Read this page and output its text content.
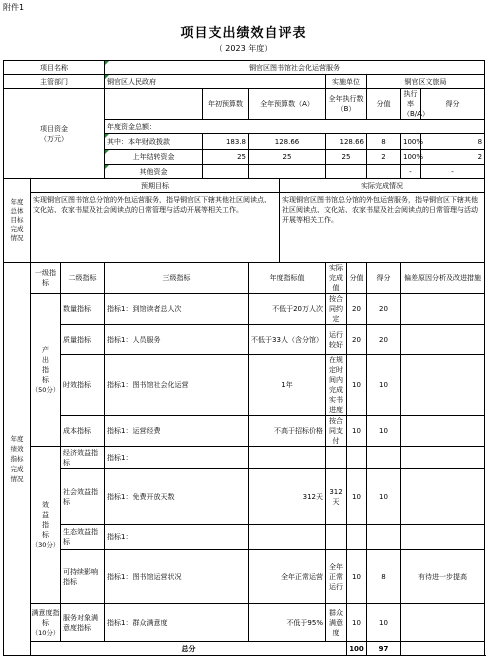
附件1
项目支出绩效自评表
（ 2023 年度）
项目名称			铜官区图书馆社会化运营服务								
主管部门			铜官区人民政府				实施单位		铜官区文旅局		
项目资金
（万元）				年初预算数	全年预算数（A）		全年执行数（B）		分值	执行率（B/A）	得分
			年度资金总额：								
			其中：本年财政拨款	183.8	128.66		128.66		8	100%	8
			上年结转资金	25	25		25		2	100%	2
			其他资金							-	-

年度总体目标完成情况	预期目标					实际完成情况					
	实现铜官区图书馆总分馆的外包运营服务，指导铜官区下辖其他社区阅读点、文化站、农家书屋及社会阅读点的日常管理与活动开展等相关工作。					实现铜官区图书馆总分馆的外包运营服务，指导铜官区下辖其他社区阅读点、文化站、农家书屋及社会阅读点的日常管理与活动开展等相关工作。					

年度绩效指标完成情况	一级指标	二级指标	三级指标		年度指标值		实际完成值	分值	得分	偏差原因分析及改进措施	

	产出指标
（50分）	数量指标	指标1：到馆读者总人次		不低于20万人次		按合同约定	20	20		
		质量指标	指标1：人员服务		不低于33人（含分馆）		运行较好	20	20		
		时效指标	指标1：图书馆社会化运营		1年		在规定时间内完成实书进度	10	10		
		成本指标	指标1：运营经费		不高于招标价格		按合同支付	10	10		

	效益指标
（30分）	经济效益指标	指标1：								
		社会效益指标	指标1：免费开放天数		312天		312天	10	10		
		生态效益指标	指标1：								
		可持续影响指标	指标1：图书馆运营状况		全年正常运营		全年正常运行	10	8	有待进一步提高	

	满意度指标
（10分）	服务对象满意度指标	指标1：群众满意度		不低于95%		群众满意度	10	10		
	总分							100	97		
